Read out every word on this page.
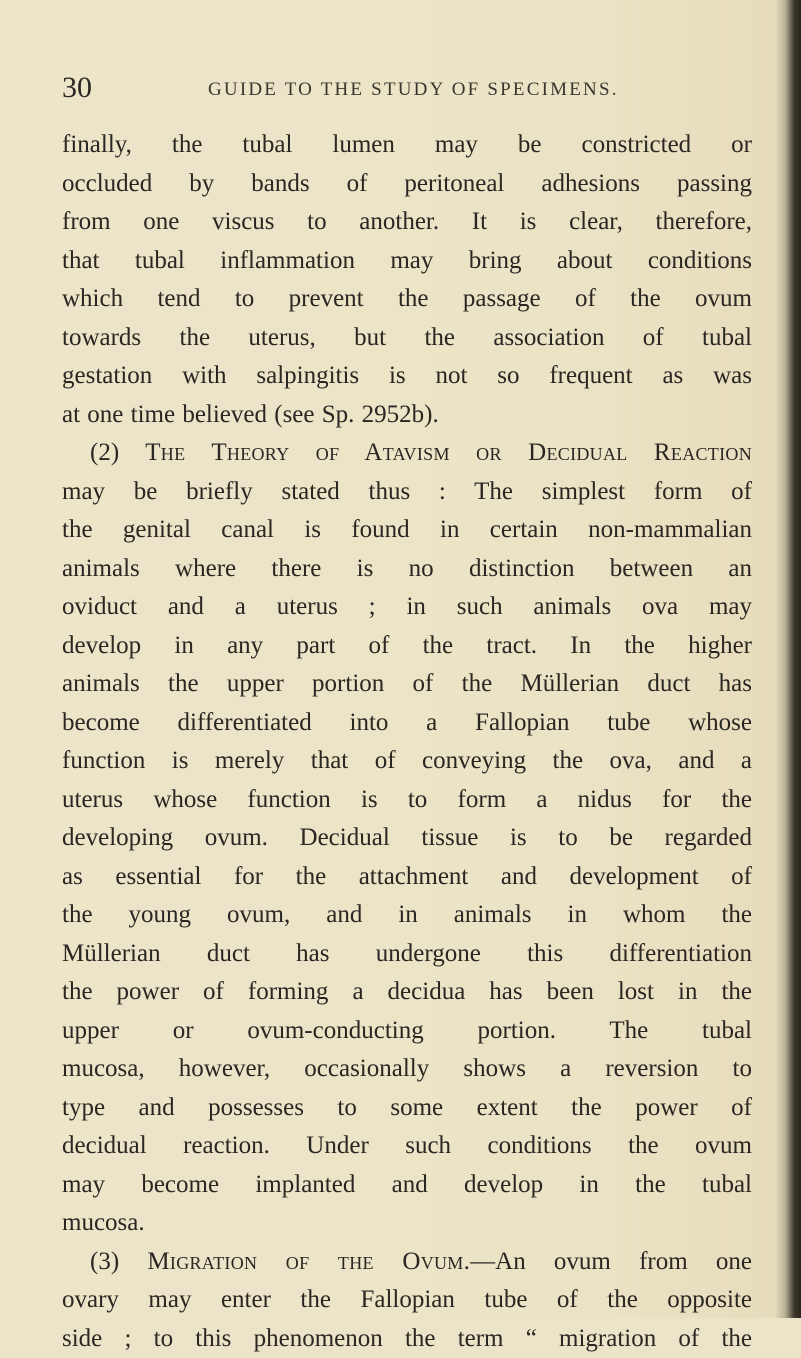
30	GUIDE TO THE STUDY OF SPECIMENS.
finally, the tubal lumen may be constricted or
occluded by bands of peritoneal adhesions passing
from one viscus to another. It is clear, therefore,
that tubal inflammation may bring about conditions
which tend to prevent the passage of the ovum
towards the uterus, but the association of tubal
gestation with salpingitis is not so frequent as was
at one time believed (see Sp. 2952b).
(2) The Theory of Atavism or Decidual Reaction
may be briefly stated thus : The simplest form of
the genital canal is found in certain non-mammalian
animals where there is no distinction between an
oviduct and a uterus ; in such animals ova may
develop in any part of the tract. In the higher
animals the upper portion of the Müllerian duct has
become differentiated into a Fallopian tube whose
function is merely that of conveying the ova, and a
uterus whose function is to form a nidus for the
developing ovum. Decidual tissue is to be regarded
as essential for the attachment and development of
the young ovum, and in animals in whom the
Müllerian duct has undergone this differentiation
the power of forming a decidua has been lost in the
upper or ovum-conducting portion. The tubal
mucosa, however, occasionally shows a reversion to
type and possesses to some extent the power of
decidual reaction. Under such conditions the ovum
may become implanted and develop in the tubal
mucosa.
(3) Migration of the Ovum.—An ovum from one
ovary may enter the Fallopian tube of the opposite
side ; to this phenomenon the term “ migration of the
